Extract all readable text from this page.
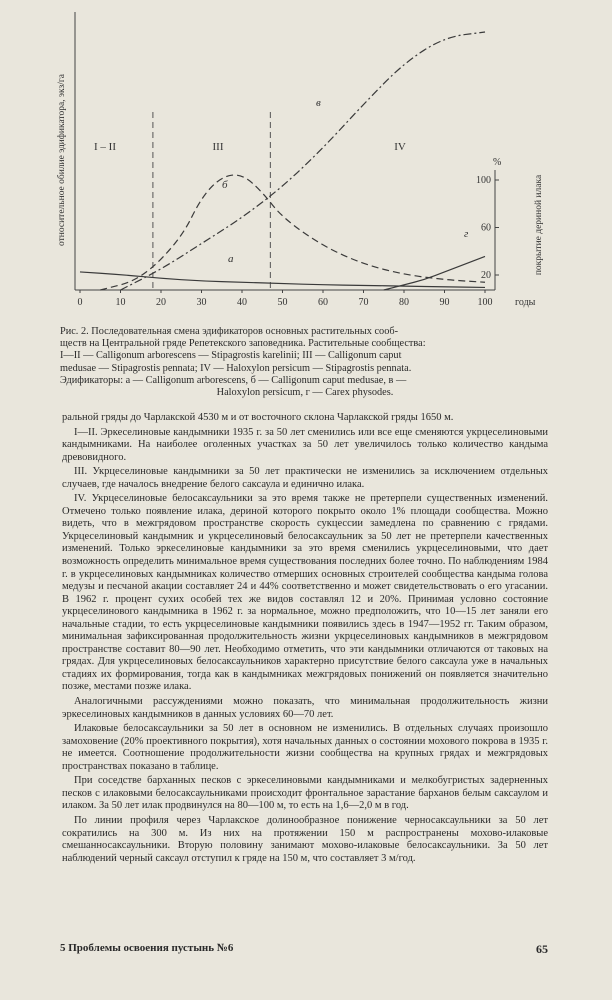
0	10	20	30	40	50	60	70	80	90	100 годы
20
60
100
%
относительное обилие эдификатора, экз/га	покрытие дериной илака
I – II	III	IV
а
б
в
г
Рис. 2. Последовательная смена эдификаторов основных растительных сооб-
ществ на Центральной гряде Репетекского заповедника. Растительные сообщества:
I—II — Calligonum arborescens — Stipagrostis karelinii; III — Calligonum caput
medusae — Stipagrostis pennata; IV — Haloxylon persicum — Stipagrostis pennata.
Эдификаторы: а — Calligonum arborescens, б — Calligonum caput medusae, в —
Haloxylon persicum, г — Carex physodes.

ральной гряды до Чарлакской 4530 м и от восточного склона Чарлакской гряды 1650 м.

I—II. Эркеселиновые кандымники 1935 г. за 50 лет сменились или все еще сменяются укрцеселиновыми кандымниками. На наиболее оголенных участках за 50 лет увеличилось только количество кандыма древовидного.

III. Укрцеселиновые кандымники за 50 лет практически не изменились за исключением отдельных случаев, где началось внедрение белого саксаула и единично илака.

IV. Укрцеселиновые белосаксаульники за это время также не претерпели существенных изменений. Отмечено только появление илака, дериной которого покрыто около 1% площади сообщества. Можно видеть, что в межгрядовом пространстве скорость сукцессии замедлена по сравнению с грядами. Укрцеселиновый кандымник и укрцеселиновый белосаксаульник за 50 лет не претерпели качественных изменений. Только эркеселиновые кандымники за это время сменились укрцеселиновыми, что дает возможность определить минимальное время существования последних более точно. По наблюдениям 1984 г. в укрцеселиновых кандымниках количество отмерших основных строителей сообщества кандыма голова медузы и песчаной акации составляет 24 и 44% соответственно и может свидетельствовать о его угасании. В 1962 г. процент сухих особей тех же видов составлял 12 и 20%. Принимая условно состояние укрцеселинового кандымника в 1962 г. за нормальное, можно предположить, что 10—15 лет заняли его начальные стадии, то есть укрцеселиновые кандымники появились здесь в 1947—1952 гг. Таким образом, минимальная зафиксированная продолжительность жизни укрцеселиновых кандымников в межгрядовом пространстве составит 80—90 лет. Необходимо отметить, что эти кандымники отличаются от таковых на грядах. Для укрцеселиновых белосаксаульников характерно присутствие белого саксаула уже в начальных стадиях их формирования, тогда как в кандымниках межгрядовых понижений он появляется значительно позже, местами позже илака.

Аналогичными рассуждениями можно показать, что минимальная продолжительность жизни эркеселиновых кандымников в данных условиях 60—70 лет.

Илаковые белосаксаульники за 50 лет в основном не изменились. В отдельных случаях произошло замоховение (20% проективного покрытия), хотя начальных данных о состоянии мохового покрова в 1935 г. не имеется. Соотношение продолжительности жизни сообщества на крупных грядах и межгрядовых пространствах показано в таблице.

При соседстве барханных песков с эркеселиновыми кандымниками и мелкобугристых задерненных песков с илаковыми белосаксаульниками происходит фронтальное зарастание барханов белым саксаулом и илаком. За 50 лет илак продвинулся на 80—100 м, то есть на 1,6—2,0 м в год.

По линии профиля через Чарлакское долинообразное понижение черносаксаульники за 50 лет сократились на 300 м. Из них на протяжении 150 м распространены мохово-илаковые смешанносаксаульники. Вторую половину занимают мохово-илаковые белосаксаульники. За 50 лет наблюдений черный саксаул отступил к гряде на 150 м, что составляет 3 м/год.

5 Проблемы освоения пустынь №6	65
